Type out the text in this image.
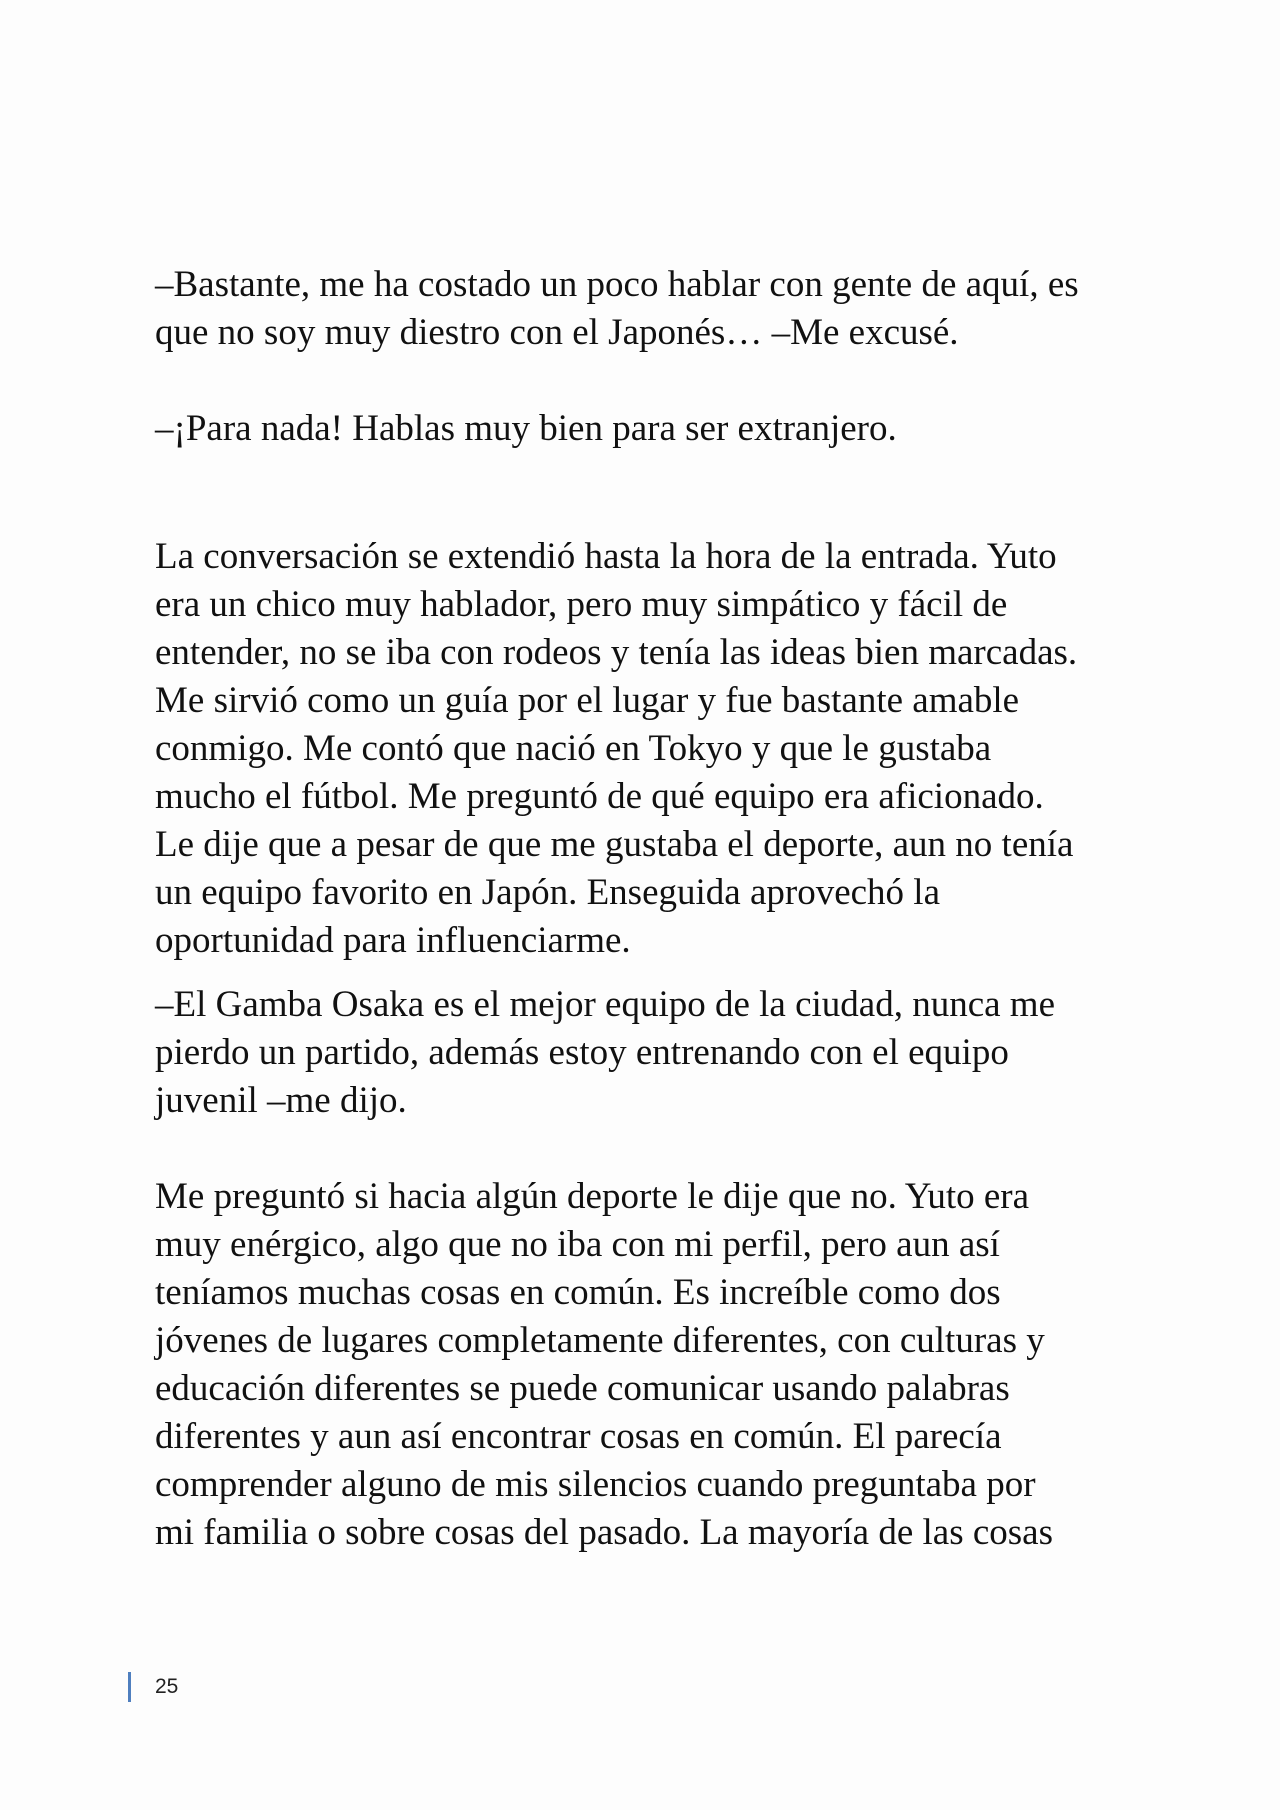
–Bastante, me ha costado un poco hablar con gente de aquí, es
que no soy muy diestro con el Japonés… –Me excusé.
–¡Para nada! Hablas muy bien para ser extranjero.
La conversación se extendió hasta la hora de la entrada. Yuto
era un chico muy hablador, pero muy simpático y fácil de
entender, no se iba con rodeos y tenía las ideas bien marcadas.
Me sirvió como un guía por el lugar y fue bastante amable
conmigo. Me contó que nació en Tokyo y que le gustaba
mucho el fútbol. Me preguntó de qué equipo era aficionado.
Le dije que a pesar de que me gustaba el deporte, aun no tenía
un equipo favorito en Japón. Enseguida aprovechó la
oportunidad para influenciarme.
–El Gamba Osaka es el mejor equipo de la ciudad, nunca me
pierdo un partido, además estoy entrenando con el equipo
juvenil –me dijo.
Me preguntó si hacia algún deporte le dije que no. Yuto era
muy enérgico, algo que no iba con mi perfil, pero aun así
teníamos muchas cosas en común. Es increíble como dos
jóvenes de lugares completamente diferentes, con culturas y
educación diferentes se puede comunicar usando palabras
diferentes y aun así encontrar cosas en común. El parecía
comprender alguno de mis silencios cuando preguntaba por
mi familia o sobre cosas del pasado. La mayoría de las cosas
25
